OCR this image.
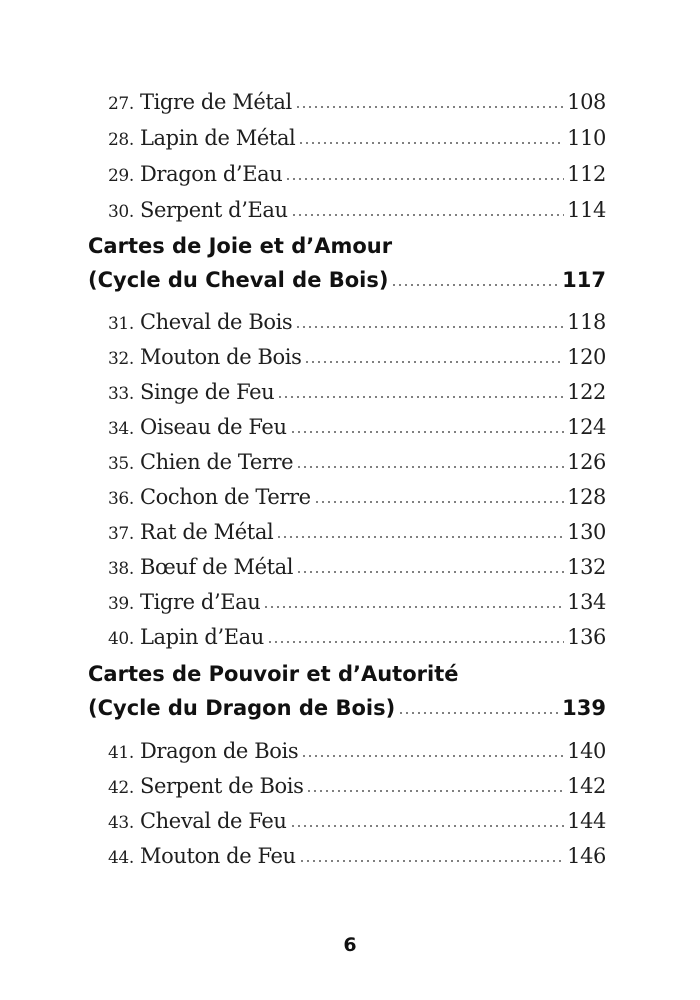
27. Tigre de Métal	108
28. Lapin de Métal	110
29. Dragon d’Eau	112
30. Serpent d’Eau	114
Cartes de Joie et d’Amour
(Cycle du Cheval de Bois)	117
31. Cheval de Bois	118
32. Mouton de Bois	120
33. Singe de Feu	122
34. Oiseau de Feu	124
35. Chien de Terre	126
36. Cochon de Terre	128
37. Rat de Métal	130
38. Bœuf de Métal	132
39. Tigre d’Eau	134
40. Lapin d’Eau	136
Cartes de Pouvoir et d’Autorité
(Cycle du Dragon de Bois)	139
41. Dragon de Bois	140
42. Serpent de Bois	142
43. Cheval de Feu	144
44. Mouton de Feu	146
6
